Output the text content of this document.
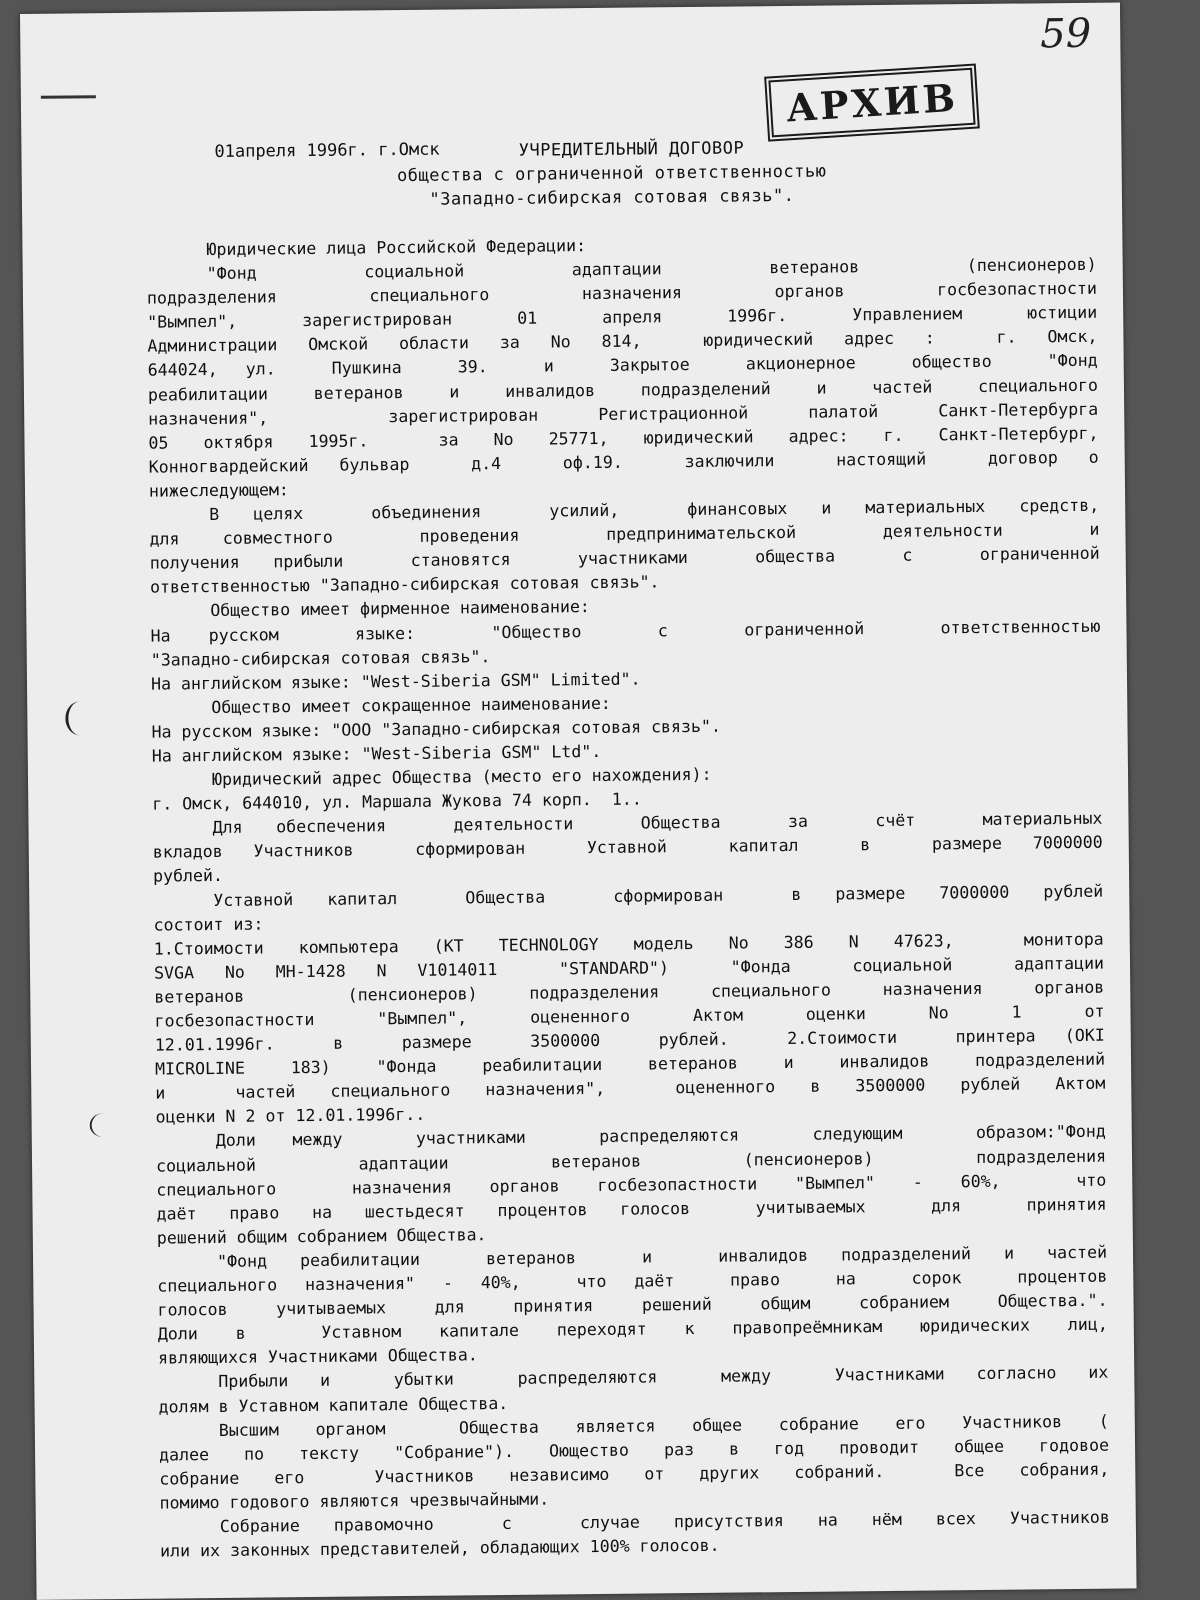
59
АРХИВ
01апреля 1996г. г.Омск	УЧРЕДИТЕЛЬНЫЙ ДОГОВОР
общества с ограниченной ответственностью
"Западно-сибирская сотовая связь".
Юридические лица Российской Федерации:
"Фонд  социальной  адаптации  ветеранов  (пенсионеров)
подразделения  специального  назначения  органов  госбезопастности
"Вымпел",  зарегистрирован  01  апреля  1996г.  Управлением  юстиции
Администрации Омской области за No 814,  юридический адрес :  г. Омск,
644024, ул.  Пушкина  39.  и  Закрытое  акционерное  общество  "Фонд
реабилитации ветеранов и инвалидов подразделений и частей специального
назначения",  зарегистрирован Регистрационной палатой Санкт-Петербурга
05 октября 1995г.  за No 25771, юридический адрес: г. Санкт-Петербург,
Конногвардейский бульвар  д.4  оф.19.  заключили  настоящий  договор о
нижеследующем:
В целях  объединения  усилий,  финансовых и материальных средств,
для совместного  проведения  предпринимательской  деятельности  и
получения прибыли  становятся  участниками  общества  с  ограниченной
ответственностью "Западно-сибирская сотовая связь".
Общество имеет фирменное наименование:
На русском  языке:  "Общество  с  ограниченной  ответственностью
"Западно-сибирская сотовая связь".
На английском языке: "West-Siberia GSM" Limited".
Общество имеет сокращенное наименование:
На русском языке: "ООО "Западно-сибирская сотовая связь".
На английском языке: "West-Siberia GSM" Ltd".
Юридический адрес Общества (место его нахождения):
г. Омск, 644010, ул. Маршала Жукова 74 корп.  1..
Для обеспечения  деятельности  Общества  за  счёт  материальных
вкладов Участников  сформирован  Уставной  капитал  в  размере 7000000
рублей.
Уставной капитал  Общества  сформирован  в размере 7000000 рублей
состоит из:
1.Стоимости компьютера (КТ TECHNOLOGY модель No 386 N 47623,  монитора
SVGA No MH-1428 N V1014011  "STANDARD")  "Фонда  социальной  адаптации
ветеранов  (пенсионеров) подразделения специального назначения органов
госбезопастности  "Вымпел",  оцененного  Актом  оценки  No  1  от
12.01.1996г.  в  размере  3500000  рублей.  2.Стоимости  принтера (OKI
MICROLINE 183) "Фонда реабилитации ветеранов и инвалидов подразделений
и  частей специального назначения",  оцененного в 3500000 рублей Актом
оценки N 2 от 12.01.1996г..
Доли между  участниками  распределяются  следующим  образом:"Фонд
социальной  адаптации  ветеранов  (пенсионеров)  подразделения
специального  назначения органов госбезопастности "Вымпел" - 60%,  что
даёт право на шестьдесят процентов голосов  учитываемых  для  принятия
решений общим собранием Общества.
"Фонд реабилитации  ветеранов  и  инвалидов подразделений и частей
специального назначения" - 40%,  что даёт  право  на  сорок  процентов
голосов учитываемых для принятия решений общим собранием Общества.".
Доли в  Уставном капитале переходят к правопреёмникам юридических лиц,
являющихся Участниками Общества.
Прибыли и  убытки  распределяются  между  Участниками согласно их
долям в Уставном капитале Общества.
Высшим органом  Общества является общее собрание его Участников (
далее по тексту "Собрание"). Оющество раз в год проводит общее годовое
собрание его  Участников независимо от других собраний.  Все собрания,
помимо годового являются чрезвычайными.
Собрание правомочно  с  случае присутствия на нём всех Участников
или их законных представителей, обладающих 100% голосов.
